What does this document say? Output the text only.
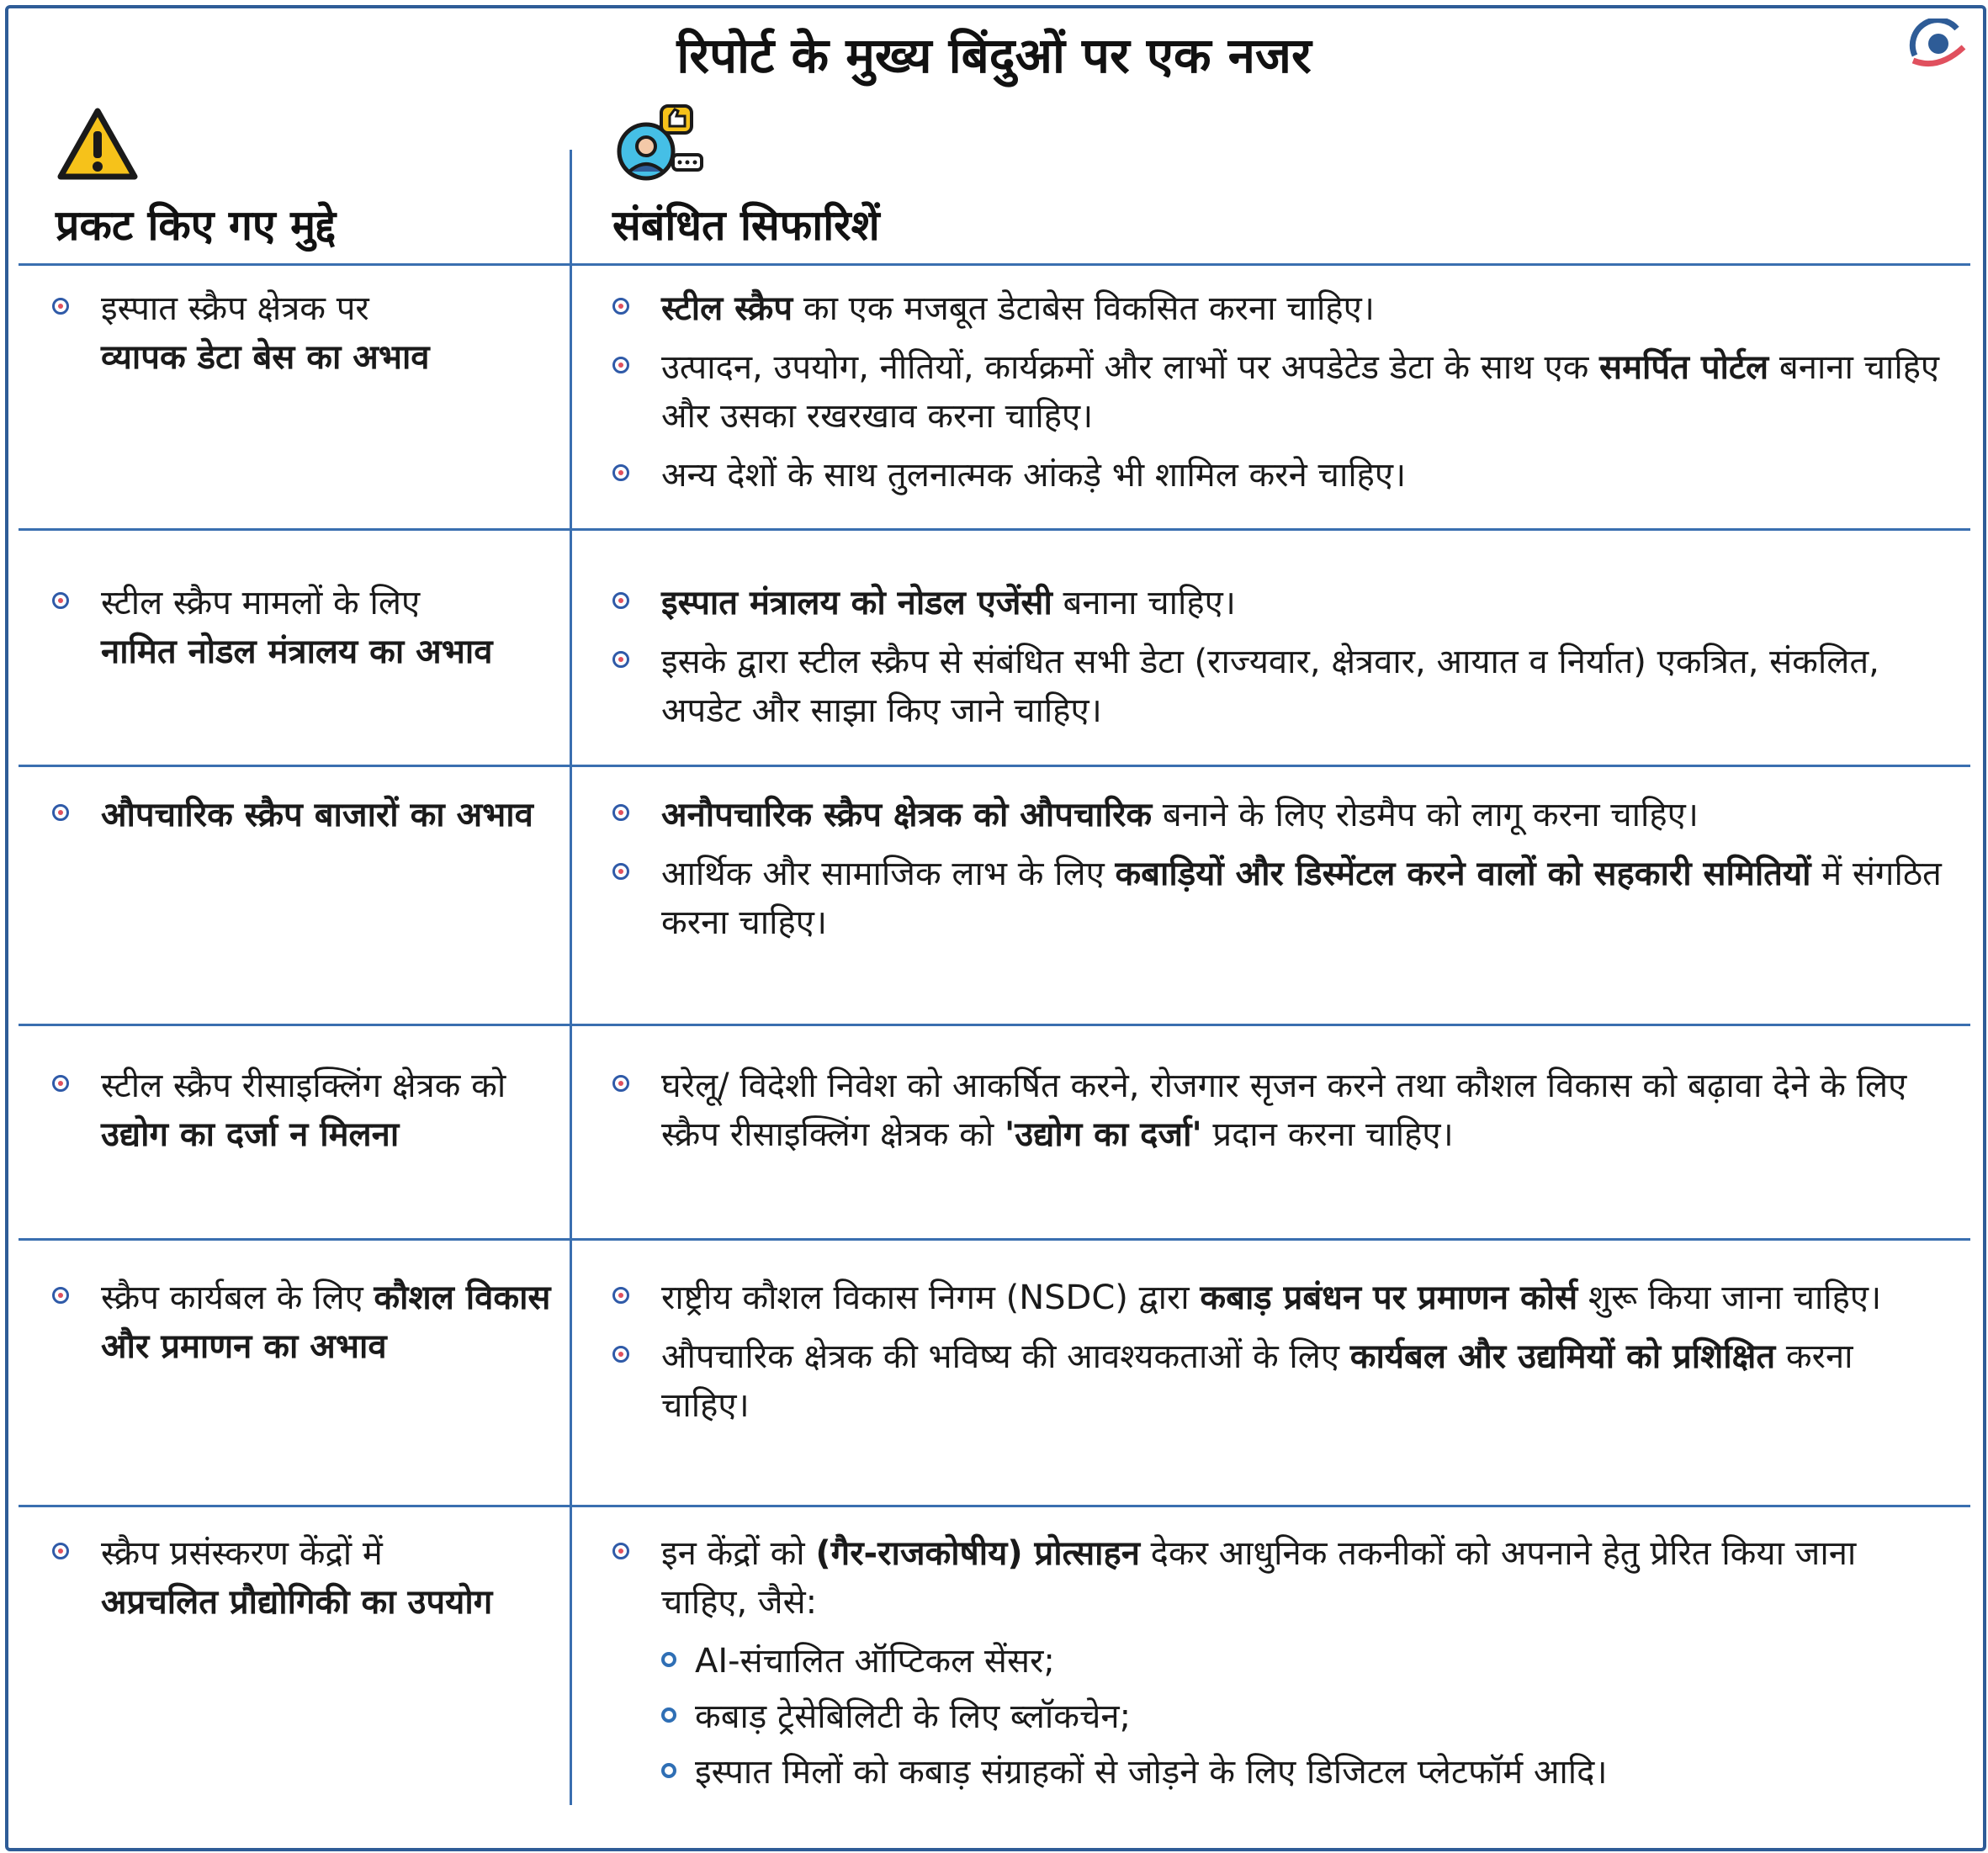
रिपोर्ट के मुख्य बिंदुओं पर एक नजर
प्रकट किए गए मुद्दे	संबंधित सिफारिशें
इस्पात स्क्रैप क्षेत्रक पर
व्यापक डेटा बेस का अभाव
स्टील स्क्रैप का एक मजबूत डेटाबेस विकसित करना चाहिए।
उत्पादन, उपयोग, नीतियों, कार्यक्रमों और लाभों पर अपडेटेड डेटा के साथ एक समर्पित पोर्टल बनाना चाहिए और उसका रखरखाव करना चाहिए।
अन्य देशों के साथ तुलनात्मक आंकड़े भी शामिल करने चाहिए।
स्टील स्क्रैप मामलों के लिए
नामित नोडल मंत्रालय का अभाव
इस्पात मंत्रालय को नोडल एजेंसी बनाना चाहिए।
इसके द्वारा स्टील स्क्रैप से संबंधित सभी डेटा (राज्यवार, क्षेत्रवार, आयात व निर्यात) एकत्रित, संकलित, अपडेट और साझा किए जाने चाहिए।
औपचारिक स्क्रैप बाजारों का अभाव	अनौपचारिक स्क्रैप क्षेत्रक को औपचारिक बनाने के लिए रोडमैप को लागू करना चाहिए।
आर्थिक और सामाजिक लाभ के लिए कबाड़ियों और डिस्मेंटल करने वालों को सहकारी समितियों में संगठित करना चाहिए।
स्टील स्क्रैप रीसाइक्लिंग क्षेत्रक को उद्योग का दर्जा न मिलना
घरेलू/ विदेशी निवेश को आकर्षित करने, रोजगार सृजन करने तथा कौशल विकास को बढ़ावा देने के लिए स्क्रैप रीसाइक्लिंग क्षेत्रक को 'उद्योग का दर्जा' प्रदान करना चाहिए।
स्क्रैप कार्यबल के लिए कौशल विकास और प्रमाणन का अभाव
राष्ट्रीय कौशल विकास निगम (NSDC) द्वारा कबाड़ प्रबंधन पर प्रमाणन कोर्स शुरू किया जाना चाहिए।
औपचारिक क्षेत्रक की भविष्य की आवश्यकताओं के लिए कार्यबल और उद्यमियों को प्रशिक्षित करना चाहिए।
स्क्रैप प्रसंस्करण केंद्रों में
अप्रचलित प्रौद्योगिकी का उपयोग
इन केंद्रों को (गैर-राजकोषीय) प्रोत्साहन देकर आधुनिक तकनीकों को अपनाने हेतु प्रेरित किया जाना चाहिए, जैसे:
AI-संचालित ऑप्टिकल सेंसर;
कबाड़ ट्रेसेबिलिटी के लिए ब्लॉकचेन;
इस्पात मिलों को कबाड़ संग्राहकों से जोड़ने के लिए डिजिटल प्लेटफॉर्म आदि।
